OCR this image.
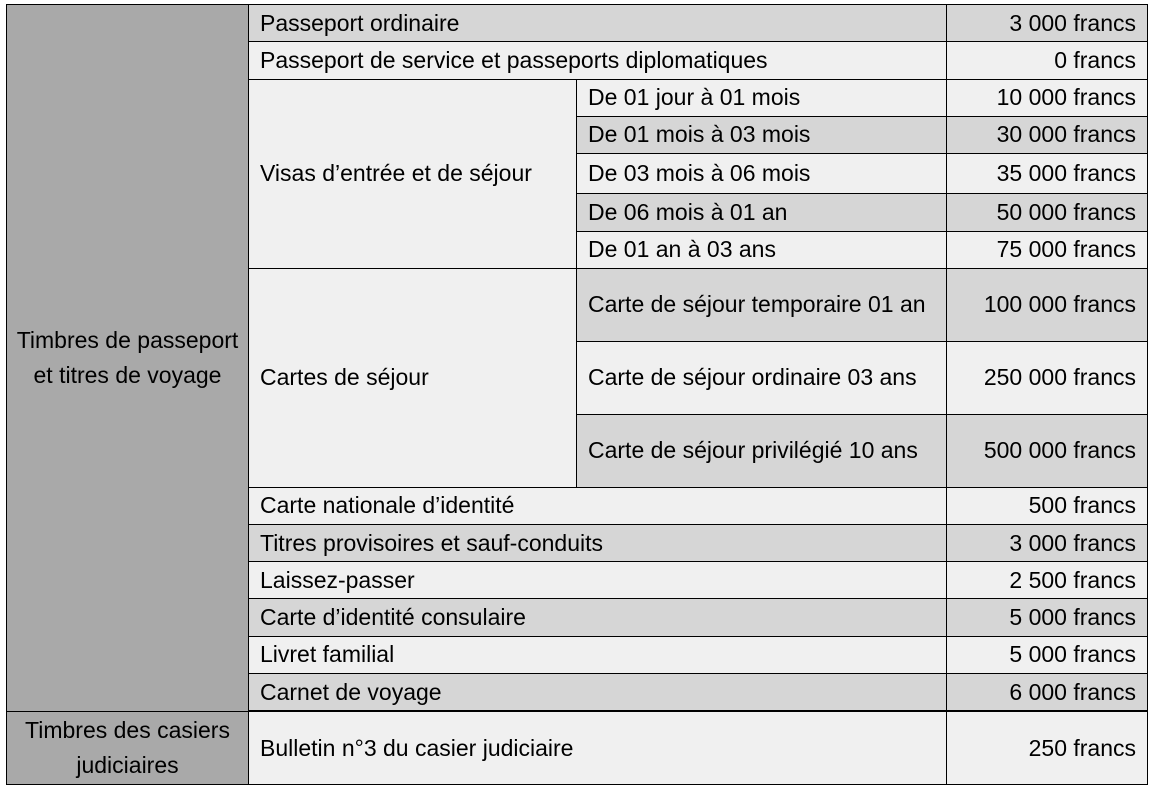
Timbres de passeport et titres de voyage	Passeport ordinaire		3 000 francs
	Passeport de service et passeports diplomatiques		0 francs
	Visas d’entrée et de séjour	De 01 jour à 01 mois	10 000 francs
		De 01 mois à 03 mois	30 000 francs
		De 03 mois à 06 mois	35 000 francs
		De 06 mois à 01 an	50 000 francs
		De 01 an à 03 ans	75 000 francs
	Cartes de séjour	Carte de séjour temporaire 01 an	100 000 francs
		Carte de séjour ordinaire 03 ans	250 000 francs
		Carte de séjour privilégié 10 ans	500 000 francs
	Carte nationale d’identité		500 francs
	Titres provisoires et sauf-conduits		3 000 francs
	Laissez-passer		2 500 francs
	Carte d’identité consulaire		5 000 francs
	Livret familial		5 000 francs
	Carnet de voyage		6 000 francs

Timbres des casiers judiciaires	Bulletin n°3 du casier judiciaire		250 francs
